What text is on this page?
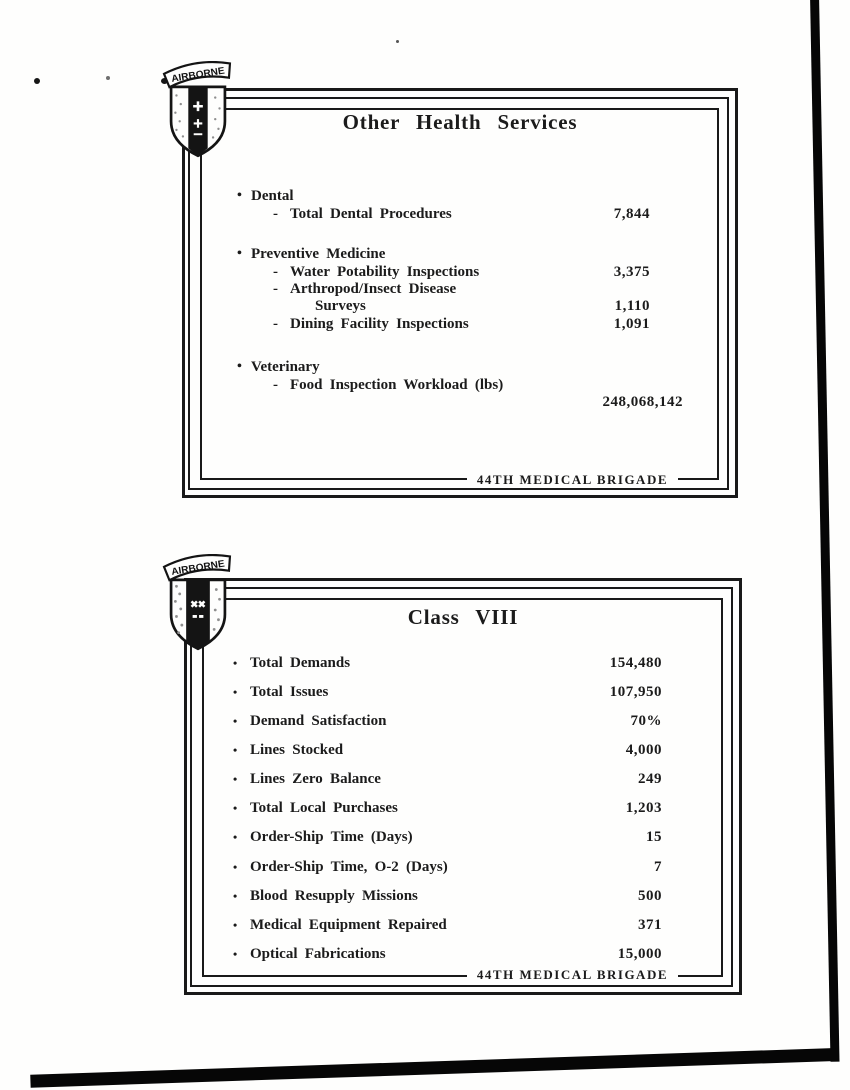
Other Health Services
• Dental
- Total Dental Procedures	7,844
• Preventive Medicine
- Water Potability Inspections	3,375
- Arthropod/Insect Disease
Surveys	1,110
- Dining Facility Inspections	1,091
• Veterinary
- Food Inspection Workload (lbs)
248,068,142
44TH MEDICAL BRIGADE
Class VIII
• Total Demands	154,480
• Total Issues	107,950
• Demand Satisfaction	70%
• Lines Stocked	4,000
• Lines Zero Balance	249
• Total Local Purchases	1,203
• Order-Ship Time (Days)	15
• Order-Ship Time, O-2 (Days)	7
• Blood Resupply Missions	500
• Medical Equipment Repaired	371
• Optical Fabrications	15,000
44TH MEDICAL BRIGADE
AIRBORNE
AIRBORNE
